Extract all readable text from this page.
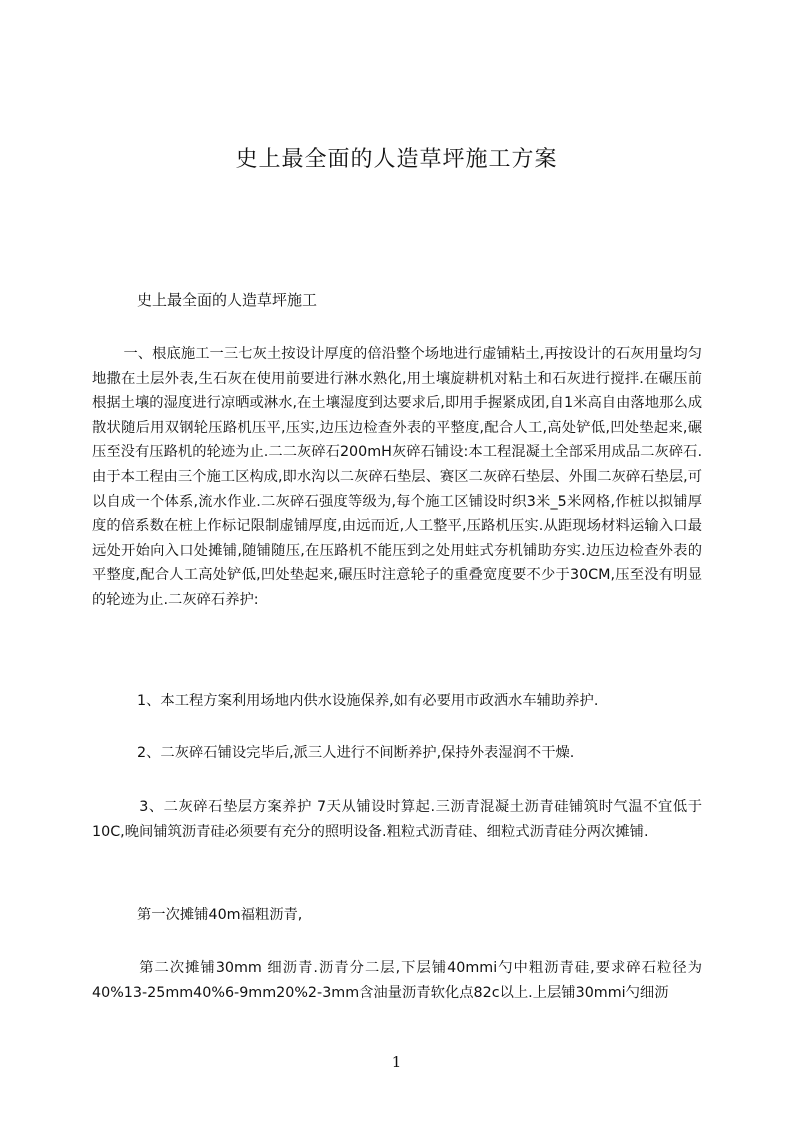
史上最全面的人造草坪施工方案
史上最全面的人造草坪施工
一、根底施工一三七灰土按设计厚度的倍沿整个场地进行虚铺粘土,再按设计的石灰用量均匀地撒在土层外表,生石灰在使用前要进行淋水熟化,用土壤旋耕机对粘土和石灰进行搅拌.在碾压前根据土壤的湿度进行凉晒或淋水,在土壤湿度到达要求后,即用手握紧成团,自1米高自由落地那么成散状随后用双钢轮压路机压平,压实,边压边检查外表的平整度,配合人工,高处铲低,凹处垫起来,碾压至没有压路机的轮迹为止.二二灰碎石200mH灰碎石铺设:本工程混凝土全部采用成品二灰碎石.由于本工程由三个施工区构成,即水沟以二灰碎石垫层、赛区二灰碎石垫层、外围二灰碎石垫层,可以自成一个体系,流水作业.二灰碎石强度等级为,每个施工区铺设时织3米_5米网格,作桩以拟铺厚度的倍系数在桩上作标记限制虚铺厚度,由远而近,人工整平,压路机压实.从距现场材料运输入口最远处开始向入口处摊铺,随铺随压,在压路机不能压到之处用蛀式夯机铺助夯实.边压边检查外表的平整度,配合人工高处铲低,凹处垫起来,碾压时注意轮子的重叠宽度要不少于30CM,压至没有明显的轮迹为止.二灰碎石养护:
1、本工程方案利用场地内供水设施保养,如有必要用市政洒水车辅助养护.
2、二灰碎石铺设完毕后,派三人进行不间断养护,保持外表湿润不干燥.
3、二灰碎石垫层方案养护 7天从铺设时算起.三沥青混凝土沥青硅铺筑时气温不宜低于10C,晚间铺筑沥青硅必须要有充分的照明设备.粗粒式沥青硅、细粒式沥青硅分两次摊铺.
第一次摊铺40m福粗沥青,
第二次摊铺30mm 细沥青.沥青分二层,下层铺40mmi勺中粗沥青硅,要求碎石粒径为40%13-25mm40%6-9mm20%2-3mm含油量沥青软化点82c以上.上层铺30mmi勺细沥
1
